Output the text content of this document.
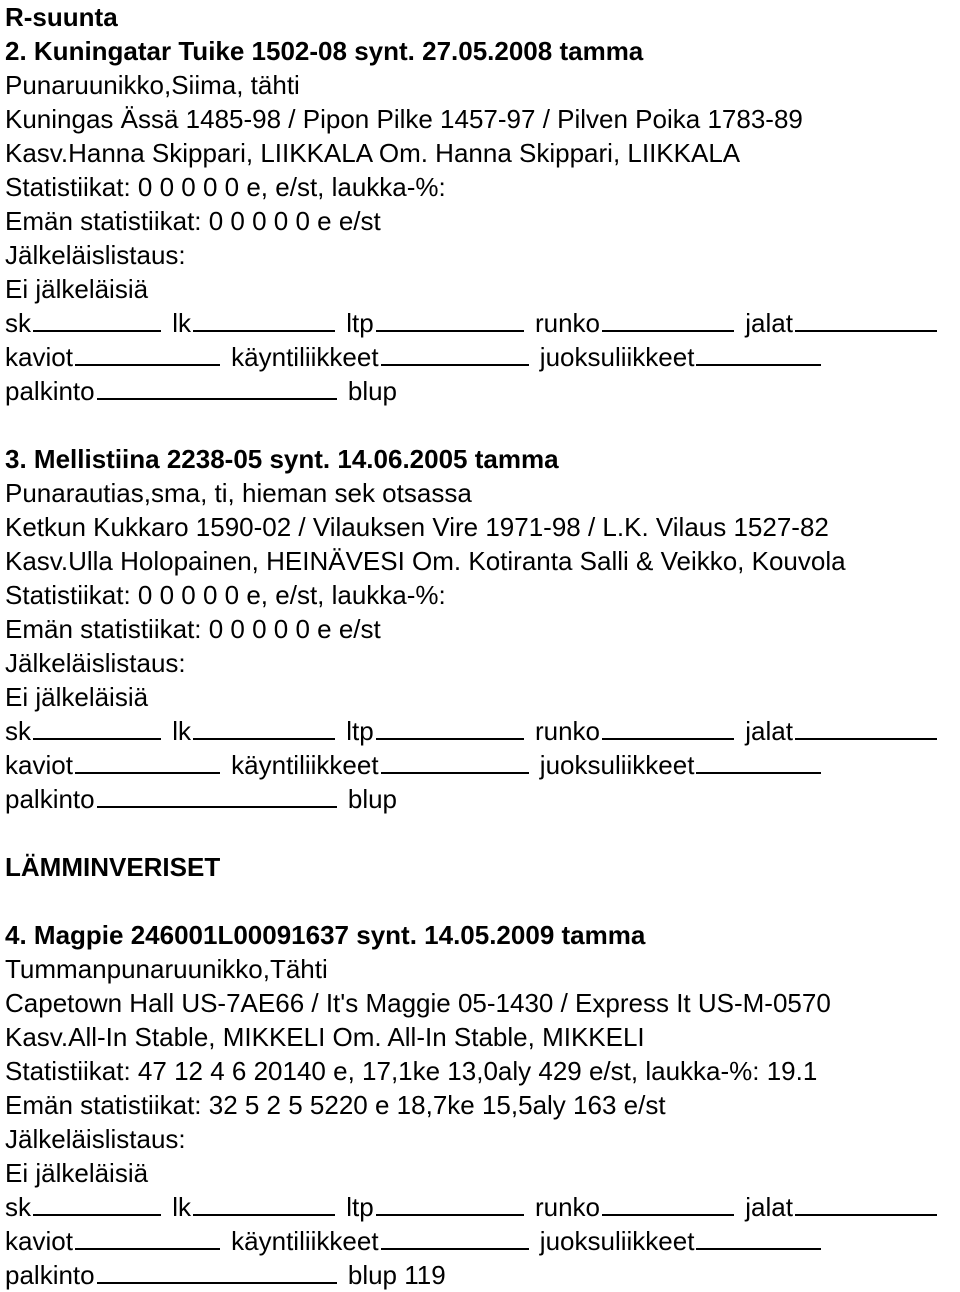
R-suunta
2. Kuningatar Tuike 1502-08 synt. 27.05.2008 tamma
Punaruunikko,Siima, tähti
Kuningas Ässä 1485-98 / Pipon Pilke 1457-97 / Pilven Poika 1783-89
Kasv.Hanna Skippari, LIIKKALA Om. Hanna Skippari, LIIKKALA
Statistiikat: 0 0 0 0 0 e, e/st, laukka-%:
Emän statistiikat: 0 0 0 0 0 e e/st
Jälkeläislistaus:
Ei jälkeläisiä
sk	lk	ltp	runko	jalat
kaviot	käyntiliikkeet	juoksuliikkeet
palkinto	blup
3. Mellistiina 2238-05 synt. 14.06.2005 tamma
Punarautias,sma, ti, hieman sek otsassa
Ketkun Kukkaro 1590-02 / Vilauksen Vire 1971-98 / L.K. Vilaus 1527-82
Kasv.Ulla Holopainen, HEINÄVESI Om. Kotiranta Salli & Veikko, Kouvola
Statistiikat: 0 0 0 0 0 e, e/st, laukka-%:
Emän statistiikat: 0 0 0 0 0 e e/st
Jälkeläislistaus:
Ei jälkeläisiä
sk	lk	ltp	runko	jalat
kaviot	käyntiliikkeet	juoksuliikkeet
palkinto	blup
LÄMMINVERISET
4. Magpie 246001L00091637 synt. 14.05.2009 tamma
Tummanpunaruunikko,Tähti
Capetown Hall US-7AE66 / It's Maggie 05-1430 / Express It US-M-0570
Kasv.All-In Stable, MIKKELI Om. All-In Stable, MIKKELI
Statistiikat: 47 12 4 6 20140 e, 17,1ke 13,0aly 429 e/st, laukka-%: 19.1
Emän statistiikat: 32 5 2 5 5220 e 18,7ke 15,5aly 163 e/st
Jälkeläislistaus:
Ei jälkeläisiä
sk	lk	ltp	runko	jalat
kaviot	käyntiliikkeet	juoksuliikkeet
palkinto	blup 119
